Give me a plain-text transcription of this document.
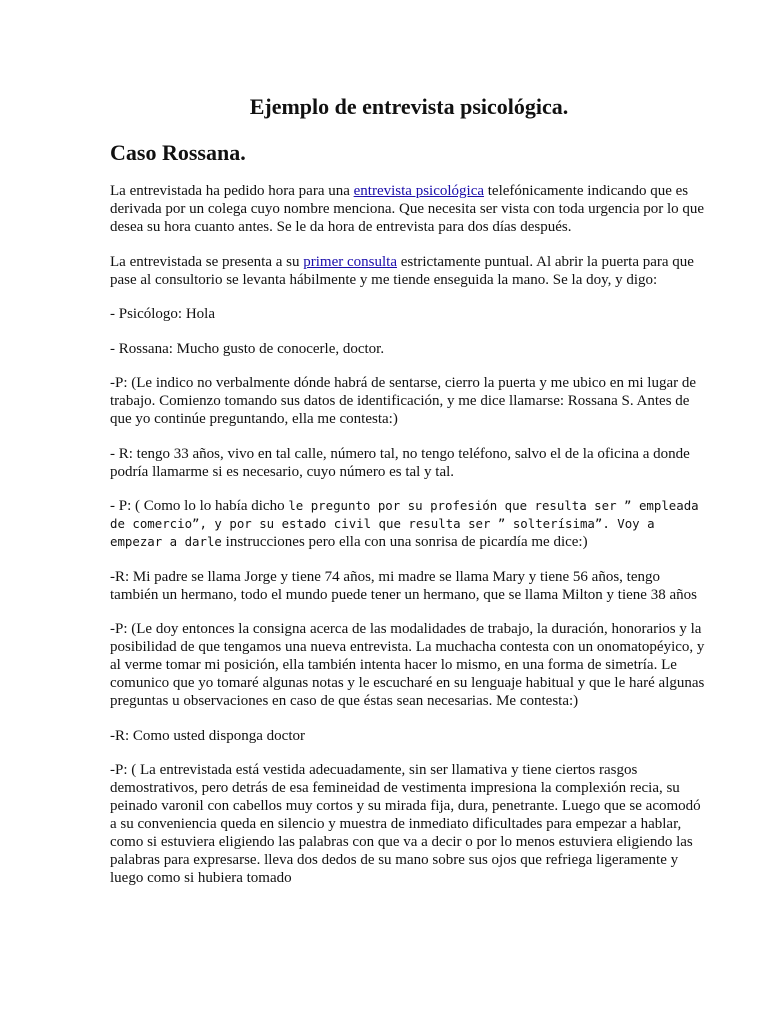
Ejemplo de entrevista psicológica.
Caso Rossana.

La entrevistada ha pedido hora para una entrevista psicológica telefónicamente indicando que es derivada por un colega cuyo nombre menciona. Que necesita ser vista con toda urgencia por lo que desea su hora cuanto antes. Se le da hora de entrevista para dos días después.

La entrevistada se presenta a su primer consulta estrictamente puntual. Al abrir la puerta para que pase al consultorio se levanta hábilmente y me tiende enseguida la mano. Se la doy, y digo:

- Psicólogo: Hola

- Rossana: Mucho gusto de conocerle, doctor.

-P: (Le indico no verbalmente dónde habrá de sentarse, cierro la puerta y me ubico en mi lugar de trabajo. Comienzo tomando sus datos de identificación, y me dice llamarse: Rossana S. Antes de que yo continúe preguntando, ella me contesta:)

- R: tengo 33 años, vivo en tal calle, número tal, no tengo teléfono, salvo el de la oficina a donde podría llamarme si es necesario, cuyo número es tal y tal.

- P: ( Como lo lo había dicho le pregunto por su profesión que resulta ser ” empleada de comercio”, y por su estado civil que resulta ser ” solterísima”. Voy a empezar a darle instrucciones pero ella con una sonrisa de picardía me dice:)

-R: Mi padre se llama Jorge y tiene 74 años, mi madre se llama Mary y tiene 56 años, tengo también un hermano, todo el mundo puede tener un hermano, que se llama Milton y tiene 38 años

-P: (Le doy entonces la consigna acerca de las modalidades de trabajo, la duración, honorarios y la posibilidad de que tengamos una nueva entrevista. La muchacha contesta con un onomatopéyico, y al verme tomar mi posición, ella también intenta hacer lo mismo, en una forma de simetría. Le comunico que yo tomaré algunas notas y le escucharé en su lenguaje habitual y que le haré algunas preguntas u observaciones en caso de que éstas sean necesarias. Me contesta:)

-R: Como usted disponga doctor

-P: ( La entrevistada está vestida adecuadamente, sin ser llamativa y tiene ciertos rasgos demostrativos, pero detrás de esa femineidad de vestimenta impresiona la complexión recia, su peinado varonil con cabellos muy cortos y su mirada fija, dura, penetrante. Luego que se acomodó a su conveniencia queda en silencio y muestra de inmediato dificultades para empezar a hablar, como si estuviera eligiendo las palabras con que va a decir o por lo menos estuviera eligiendo las palabras para expresarse. lleva dos dedos de su mano sobre sus ojos que refriega ligeramente y luego como si hubiera tomado
